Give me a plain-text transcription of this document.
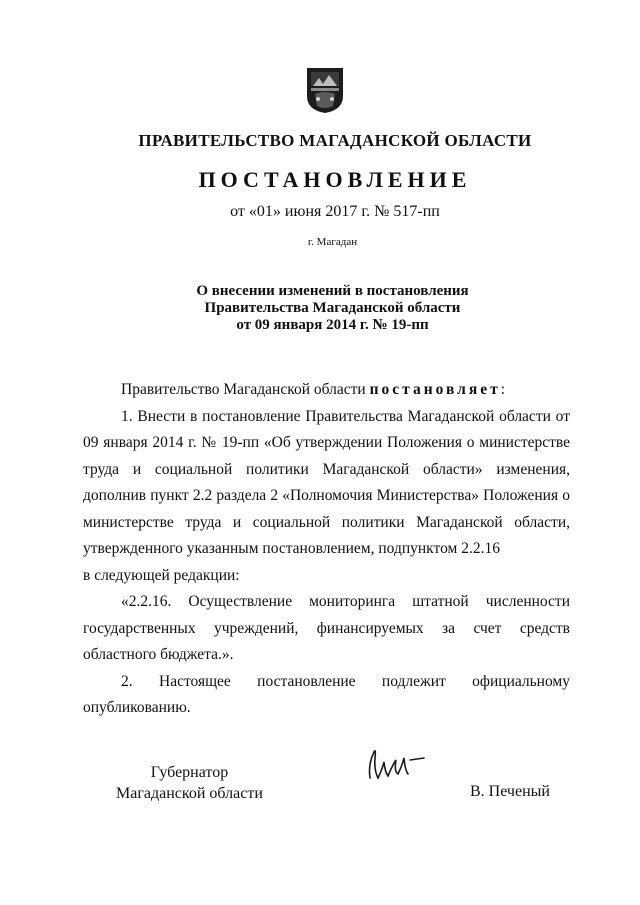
ПРАВИТЕЛЬСТВО МАГАДАНСКОЙ ОБЛАСТИ
ПОСТАНОВЛЕНИЕ
от «01» июня 2017 г. № 517-пп
г. Магадан
О внесении изменений в постановления
Правительства Магаданской области
от 09 января 2014 г. № 19-пп

Правительство Магаданской области постановляет:

1. Внести в постановление Правительства Магаданской области от 09 января 2014 г. № 19-пп «Об утверждении Положения о министерстве труда и социальной политики Магаданской области» изменения, дополнив пункт 2.2 раздела 2 «Полномочия Министерства» Положения о министерстве труда и социальной политики Магаданской области, утвержденного указанным постановлением, подпунктом 2.2.16

в следующей редакции:

«2.2.16. Осуществление мониторинга штатной численности государственных учреждений, финансируемых за счет средств областного бюджета.».

2. Настоящее постановление подлежит официальному

опубликованию.

Губернатор
Магаданской области	В. Печеный
